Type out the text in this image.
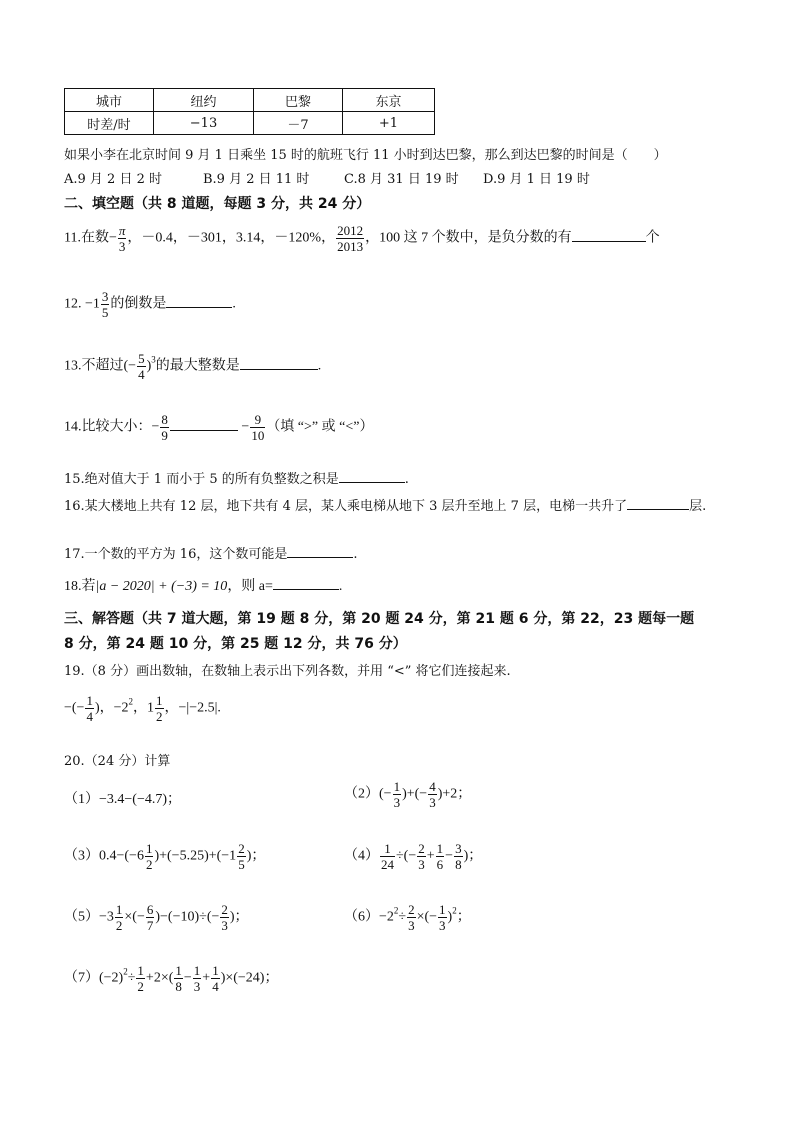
城市	纽约	巴黎	东京
时差/时	−13	－7	+1
如果小李在北京时间 9 月 1 日乘坐 15 时的航班飞行 11 小时到达巴黎，那么到达巴黎的时间是（　　）
A.9 月 2 日 2 时	B.9 月 2 日 11 时	C.8 月 31 日 19 时 D.9 月 1 日 19 时
二、填空题（共 8 道题，每题 3 分，共 24 分）
11.在数− $\frac{\pi}{3}$ ，－0.4，－301，3.14，－120%， $\frac{2012}{2013}$ ，100 这 7 个数中，是负分数的有	个
12. $-1 \frac{3}{5}$ 的倒数是	.
13.不超过(− $\frac{5}{4} )^3$的最大整数是	.
14.比较大小：− $\frac{8}{9}$	− $\frac{9}{10}$ （填 “>” 或 “<”）
15.绝对值大于 1 而小于 5 的所有负整数之积是	.
16.某大楼地上共有 12 层，地下共有 4 层，某人乘电梯从地下 3 层升至地上 7 层，电梯一共升了	层.
17.一个数的平方为 16，这个数可能是	.
18.若|a − 2020| + (−3) = 10，则 a=	.
三、解答题（共 7 道大题，第 19 题 8 分，第 20 题 24 分，第 21 题 6 分，第 22，23 题每一题
8 分，第 24 题 10 分，第 25 题 12 分，共 76 分）
19.（8 分）画出数轴，在数轴上表示出下列各数，并用 “<” 将它们连接起来.
−(− $\frac{1}{4}$ )，$-2^2$，$1 \frac{1}{2}$ ，−|−2.5|.
20.（24 分）计算
（1）−3.4−(−4.7)；	$(2)(- \frac{1}{3}$ )+(− $\frac{4}{3} )+2$；
$(3)0.4-(-6 \frac{1}{2} )+(-5.25)+(-1 \frac{2}{5}$ )；	$(4) \frac{1}{24}$ ÷(− $\frac{2}{3} + \frac{1}{6} - \frac{3}{8}$ )；
$(5)-3 \frac{1}{2}$ ×(− $\frac{6}{7} )-(-10)\div(- \frac{2}{3}$ )；	$(6)-2^2\div \frac{2}{3}$ ×(− $\frac{1}{3} )^2$；
$(7)(-2)^2\div \frac{1}{2} +2\times( \frac{1}{8} - \frac{1}{3} + \frac{1}{4} )\times(-24)$；
